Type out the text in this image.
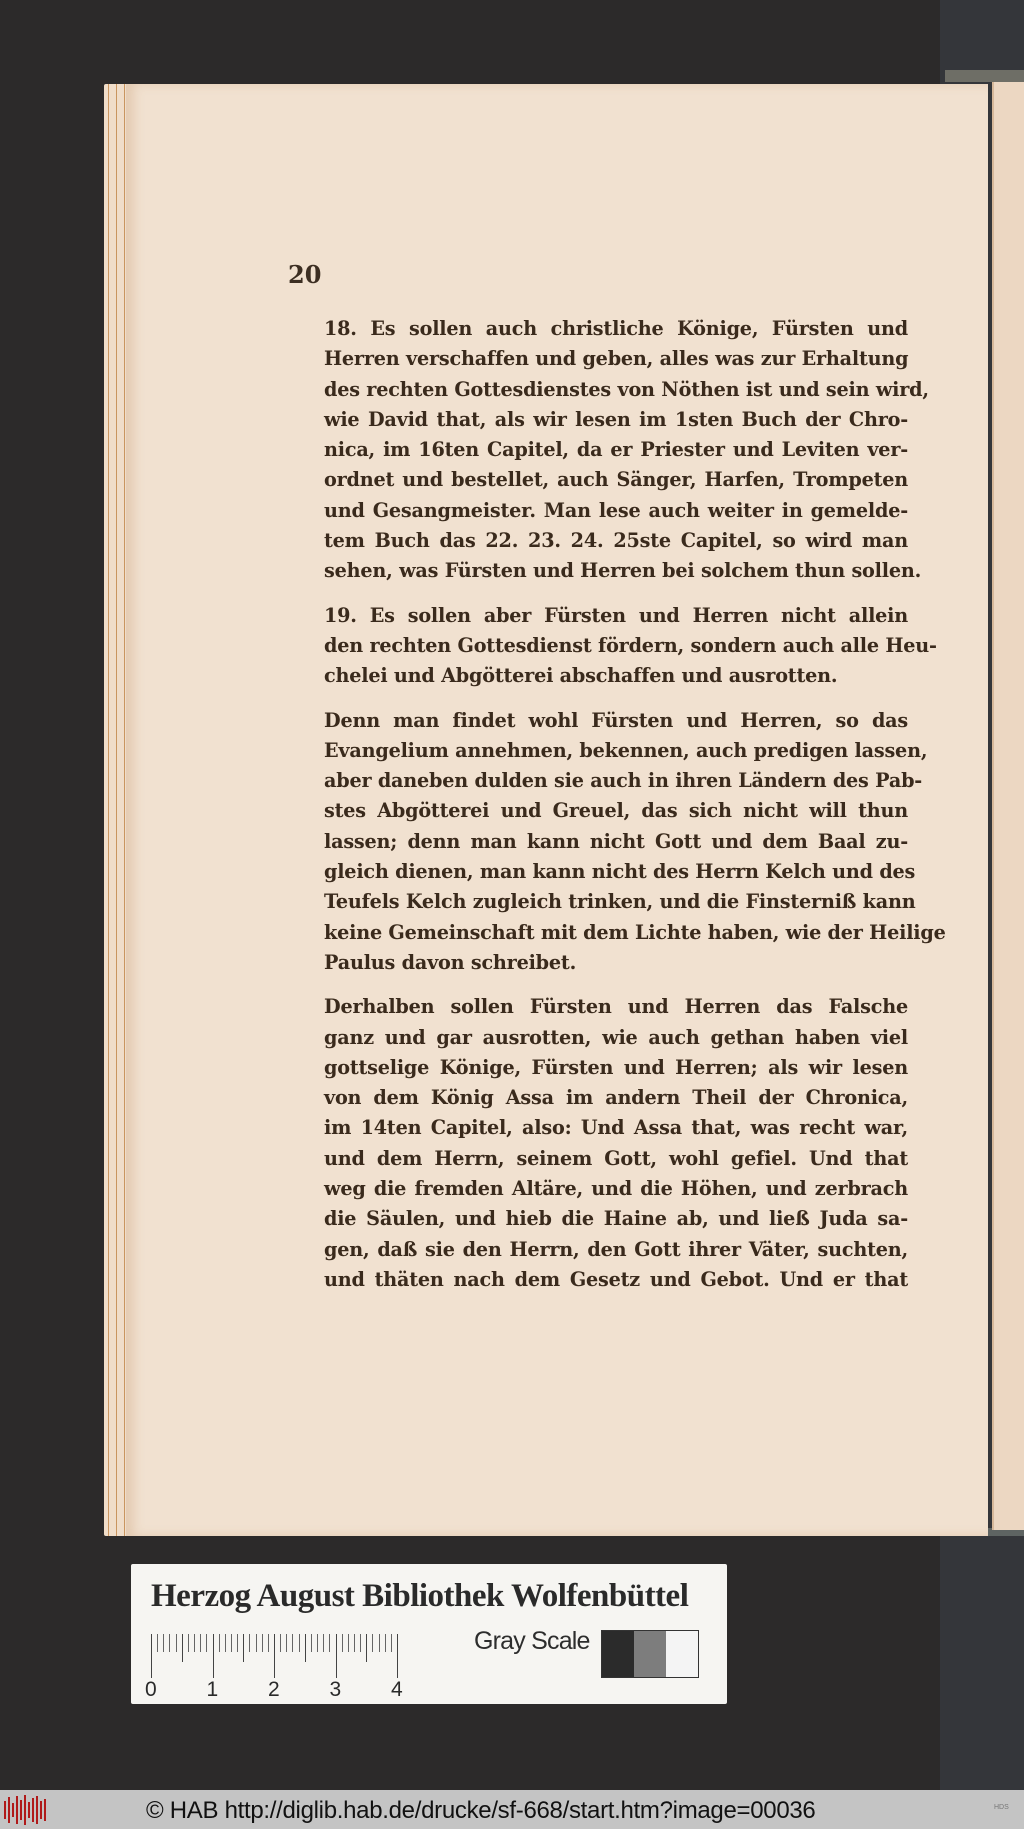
20

18. Es sollen auch christliche Könige, Fürsten und
Herren verschaffen und geben, alles was zur Erhaltung
des rechten Gottesdienstes von Nöthen ist und sein wird,
wie David that, als wir lesen im 1sten Buch der Chro-
nica, im 16ten Capitel, da er Priester und Leviten ver-
ordnet und bestellet, auch Sänger, Harfen, Trompeten
und Gesangmeister. Man lese auch weiter in gemelde-
tem Buch das 22. 23. 24. 25ste Capitel, so wird man
sehen, was Fürsten und Herren bei solchem thun sollen.

19. Es sollen aber Fürsten und Herren nicht allein
den rechten Gottesdienst fördern, sondern auch alle Heu-
chelei und Abgötterei abschaffen und ausrotten.

Denn man findet wohl Fürsten und Herren, so das
Evangelium annehmen, bekennen, auch predigen lassen,
aber daneben dulden sie auch in ihren Ländern des Pab-
stes Abgötterei und Greuel, das sich nicht will thun
lassen; denn man kann nicht Gott und dem Baal zu-
gleich dienen, man kann nicht des Herrn Kelch und des
Teufels Kelch zugleich trinken, und die Finsterniß kann
keine Gemeinschaft mit dem Lichte haben, wie der Heilige
Paulus davon schreibet.

Derhalben sollen Fürsten und Herren das Falsche
ganz und gar ausrotten, wie auch gethan haben viel
gottselige Könige, Fürsten und Herren; als wir lesen
von dem König Assa im andern Theil der Chronica,
im 14ten Capitel, also: Und Assa that, was recht war,
und dem Herrn, seinem Gott, wohl gefiel. Und that
weg die fremden Altäre, und die Höhen, und zerbrach
die Säulen, und hieb die Haine ab, und ließ Juda sa-
gen, daß sie den Herrn, den Gott ihrer Väter, suchten,
und thäten nach dem Gesetz und Gebot. Und er that

Herzog August Bibliothek Wolfenbüttel
0 1 2 3 4
Gray Scale
© HAB http://diglib.hab.de/drucke/sf-668/start.htm?image=00036	HDS
